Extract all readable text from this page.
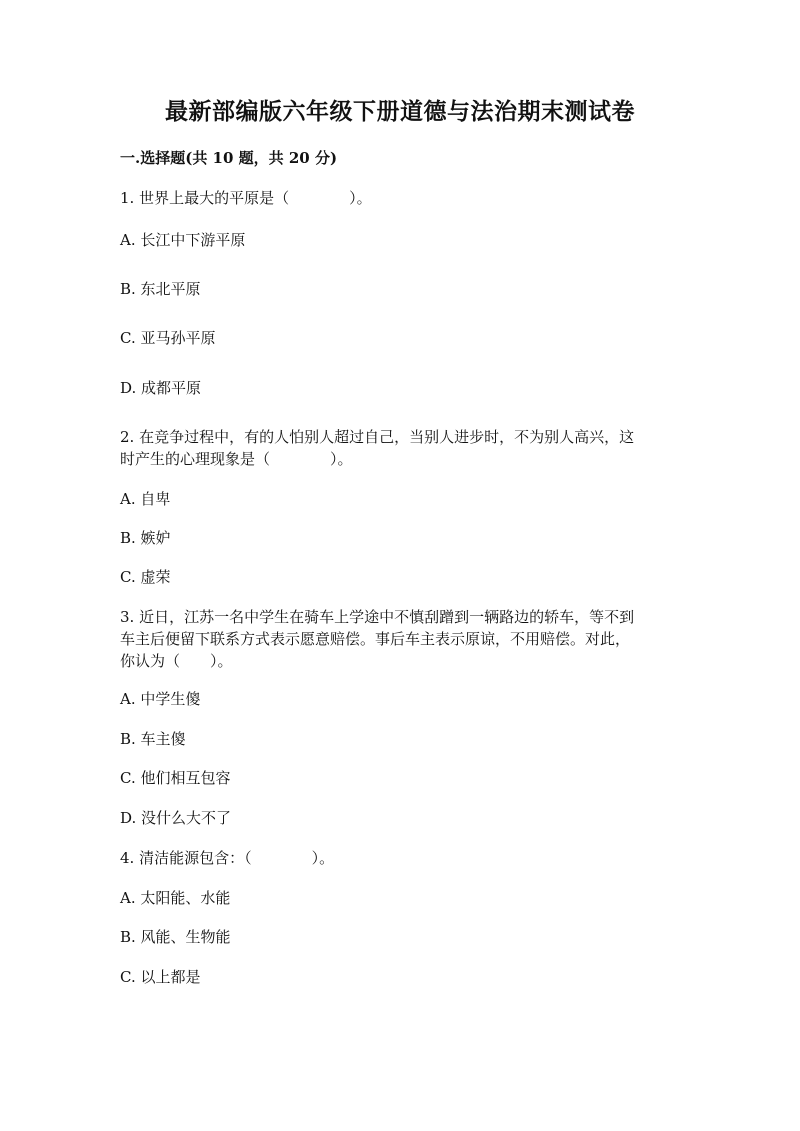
最新部编版六年级下册道德与法治期末测试卷
一.选择题(共 10 题，共 20 分)
1. 世界上最大的平原是（　　　　）。
A. 长江中下游平原
B. 东北平原
C. 亚马孙平原
D. 成都平原
2. 在竞争过程中，有的人怕别人超过自己，当别人进步时，不为别人高兴，这
时产生的心理现象是（　　　　）。
A. 自卑
B. 嫉妒
C. 虚荣
3. 近日，江苏一名中学生在骑车上学途中不慎刮蹭到一辆路边的轿车，等不到
车主后便留下联系方式表示愿意赔偿。事后车主表示原谅，不用赔偿。对此，
你认为（　　）。
A. 中学生傻
B. 车主傻
C. 他们相互包容
D. 没什么大不了
4. 清洁能源包含：（　　　　）。
A. 太阳能、水能
B. 风能、生物能
C. 以上都是
